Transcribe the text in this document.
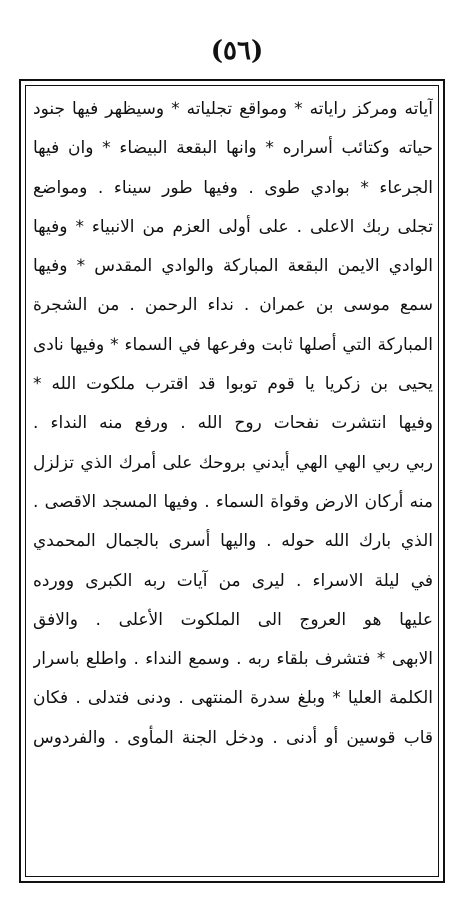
(٥٦)
آياته ومركز راياته * ومواقع تجلياته * وسيظهر فيها جنود
حياته وكتائب أسراره * وانها البقعة البيضاء * وان فيها
الجرعاء * بوادي طوى . وفيها طور سيناء . ومواضع
تجلى ربك الاعلى . على أولى العزم من الانبياء * وفيها
الوادي الايمن البقعة المباركة والوادي المقدس * وفيها
سمع موسى بن عمران . نداء الرحمن . من الشجرة
المباركة التي أصلها ثابت وفرعها في السماء * وفيها نادى
يحيى بن زكريا يا قوم توبوا قد اقترب ملكوت الله *
وفيها انتشرت نفحات روح الله . ورفع منه النداء .
ربي ربي الهي الهي أيدني بروحك على أمرك الذي تزلزل
منه أركان الارض وقواة السماء . وفيها المسجد الاقصى .
الذي بارك الله حوله . واليها أسرى بالجمال المحمدي
في ليلة الاسراء . ليرى من آيات ربه الكبرى وورده
عليها هو العروج الى الملكوت الأعلى . والافق
الابهى * فتشرف بلقاء ربه . وسمع النداء . واطلع باسرار
الكلمة العليا * وبلغ سدرة المنتهى . ودنى فتدلى . فكان
قاب قوسين أو أدنى . ودخل الجنة المأوى . والفردوس
